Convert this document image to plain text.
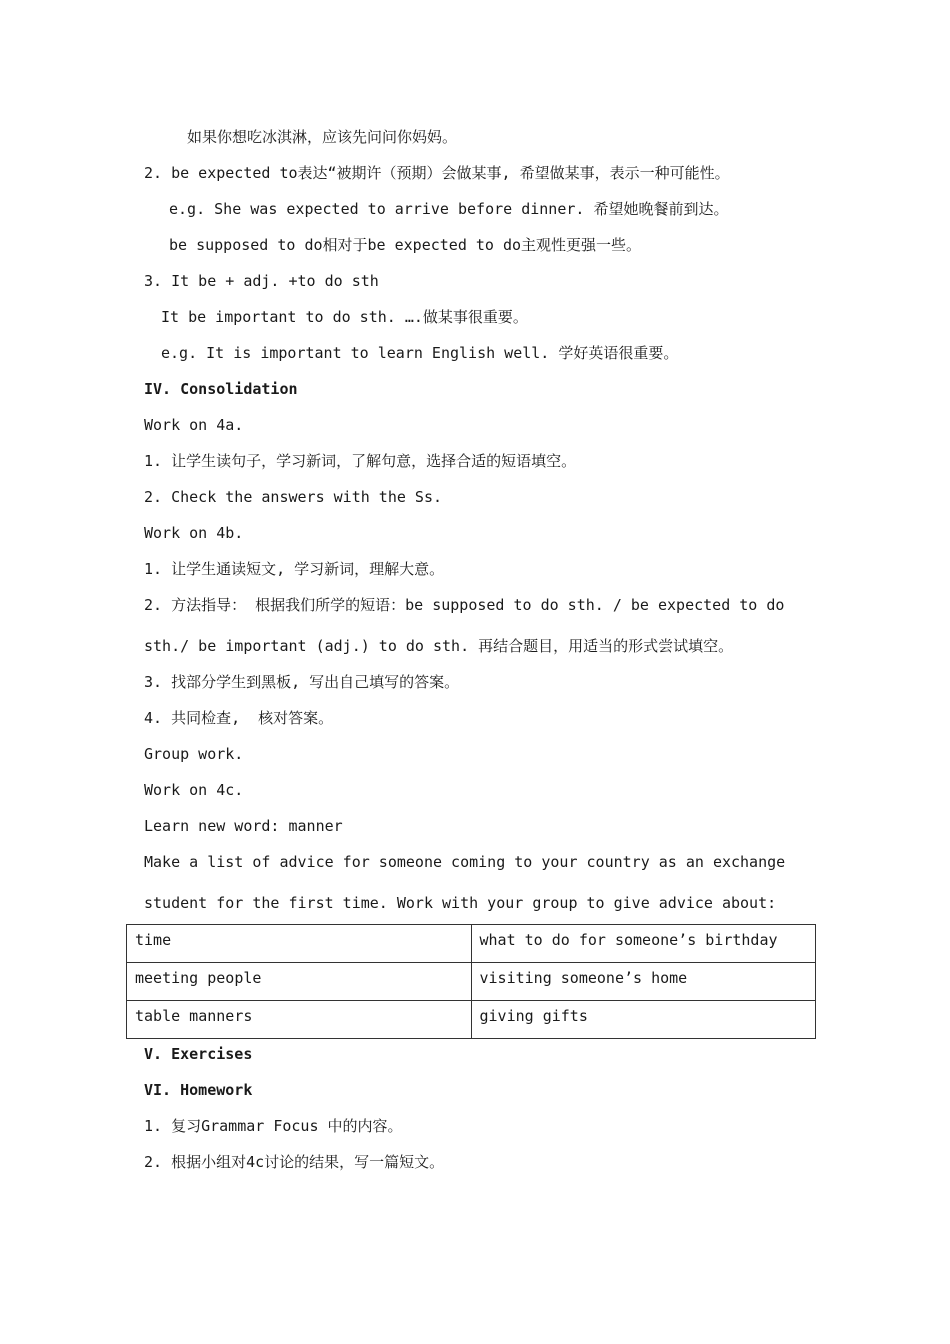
如果你想吃冰淇淋，应该先问问你妈妈。
2. be expected to表达“被期许（预期）会做某事, 希望做某事，表示一种可能性。
e.g. She was expected to arrive before dinner. 希望她晚餐前到达。
be supposed to do相对于be expected to do主观性更强一些。
3. It be + adj. +to do sth
It be important to do sth. ….做某事很重要。
e.g. It is important to learn English well. 学好英语很重要。
IV. Consolidation
Work on 4a.
1. 让学生读句子，学习新词，了解句意，选择合适的短语填空。
2. Check the answers with the Ss.
Work on 4b.
1. 让学生通读短文, 学习新词，理解大意。
2. 方法指导： 根据我们所学的短语：be supposed to do sth. / be expected to do
sth./ be important (adj.) to do sth. 再结合题目，用适当的形式尝试填空。
3. 找部分学生到黑板, 写出自己填写的答案。
4. 共同检查,  核对答案。
Group work.
Work on 4c.
Learn new word: manner
Make a list of advice for someone coming to your country as an exchange
student for the first time. Work with your group to give advice about:
time	what to do for someone’s birthday
meeting people	visiting someone’s home
table manners	giving gifts
V. Exercises
VI. Homework
1. 复习Grammar Focus 中的内容。
2. 根据小组对4c讨论的结果，写一篇短文。
